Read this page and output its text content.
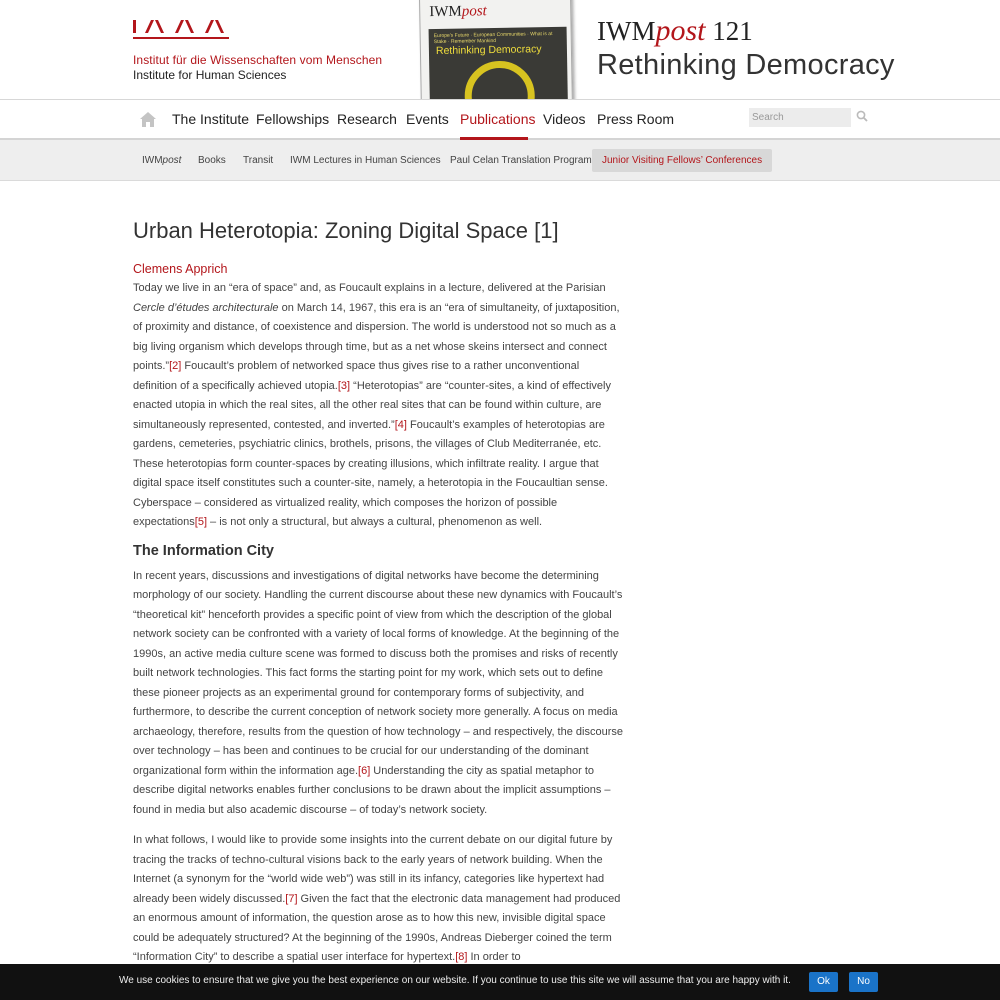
Institut für die Wissenschaften vom Menschen
Institute for Human Sciences
IWMpost
Europe's Future · European Communities · What is at Stake · Remember Mankind
Rethinking Democracy
IWMpost 121
Rethinking Democracy
The Institute Fellowships Research Events Publications Videos Press Room
Search
IWMpost Books Transit IWM Lectures in Human Sciences Paul Celan Translation Program	Junior Visiting Fellows’ Conferences
Urban Heterotopia: Zoning Digital Space [1]
Clemens Apprich

Today we live in an “era of space” and, as Foucault explains in a lecture, delivered at the Parisian Cercle d’études architecturale on March 14, 1967, this era is an “era of simultaneity, of juxtaposition, of proximity and distance, of coexistence and dispersion. The world is understood not so much as a big living organism which develops through time, but as a net whose skeins intersect and connect points.”[2] Foucault’s problem of networked space thus gives rise to a rather unconventional definition of a specifically achieved utopia.[3] “Heterotopias” are “counter-sites, a kind of effectively enacted utopia in which the real sites, all the other real sites that can be found within culture, are simultaneously represented, contested, and inverted.”[4] Foucault’s examples of heterotopias are gardens, cemeteries, psychiatric clinics, brothels, prisons, the villages of Club Mediterranée, etc. These heterotopias form counter-spaces by creating illusions, which infiltrate reality. I argue that digital space itself constitutes such a counter-site, namely, a heterotopia in the Foucaultian sense. Cyberspace – considered as virtualized reality, which composes the horizon of possible expectations[5] – is not only a structural, but always a cultural, phenomenon as well.

The Information City

In recent years, discussions and investigations of digital networks have become the determining morphology of our society. Handling the current discourse about these new dynamics with Foucault’s “theoretical kit” henceforth provides a specific point of view from which the description of the global network society can be confronted with a variety of local forms of knowledge. At the beginning of the 1990s, an active media culture scene was formed to discuss both the promises and risks of recently built network technologies. This fact forms the starting point for my work, which sets out to define these pioneer projects as an experimental ground for contemporary forms of subjectivity, and furthermore, to describe the current conception of network society more generally. A focus on media archaeology, therefore, results from the question of how technology – and respectively, the discourse over technology – has been and continues to be crucial for our understanding of the dominant organizational form within the information age.[6] Understanding the city as spatial metaphor to describe digital networks enables further conclusions to be drawn about the implicit assumptions – found in media but also academic discourse – of today’s network society.

In what follows, I would like to provide some insights into the current debate on our digital future by tracing the tracks of techno-cultural visions back to the early years of network building. When the Internet (a synonym for the “world wide web”) was still in its infancy, categories like hypertext had already been widely discussed.[7] Given the fact that the electronic data management had produced an enormous amount of information, the question arose as to how this new, invisible digital space could be adequately structured? At the beginning of the 1990s, Andreas Dieberger coined the term “Information City” to describe a spatial user interface for hypertext.[8] In order to

We use cookies to ensure that we give you the best experience on our website. If you continue to use this site we will assume that you are happy with it.	Ok	No
